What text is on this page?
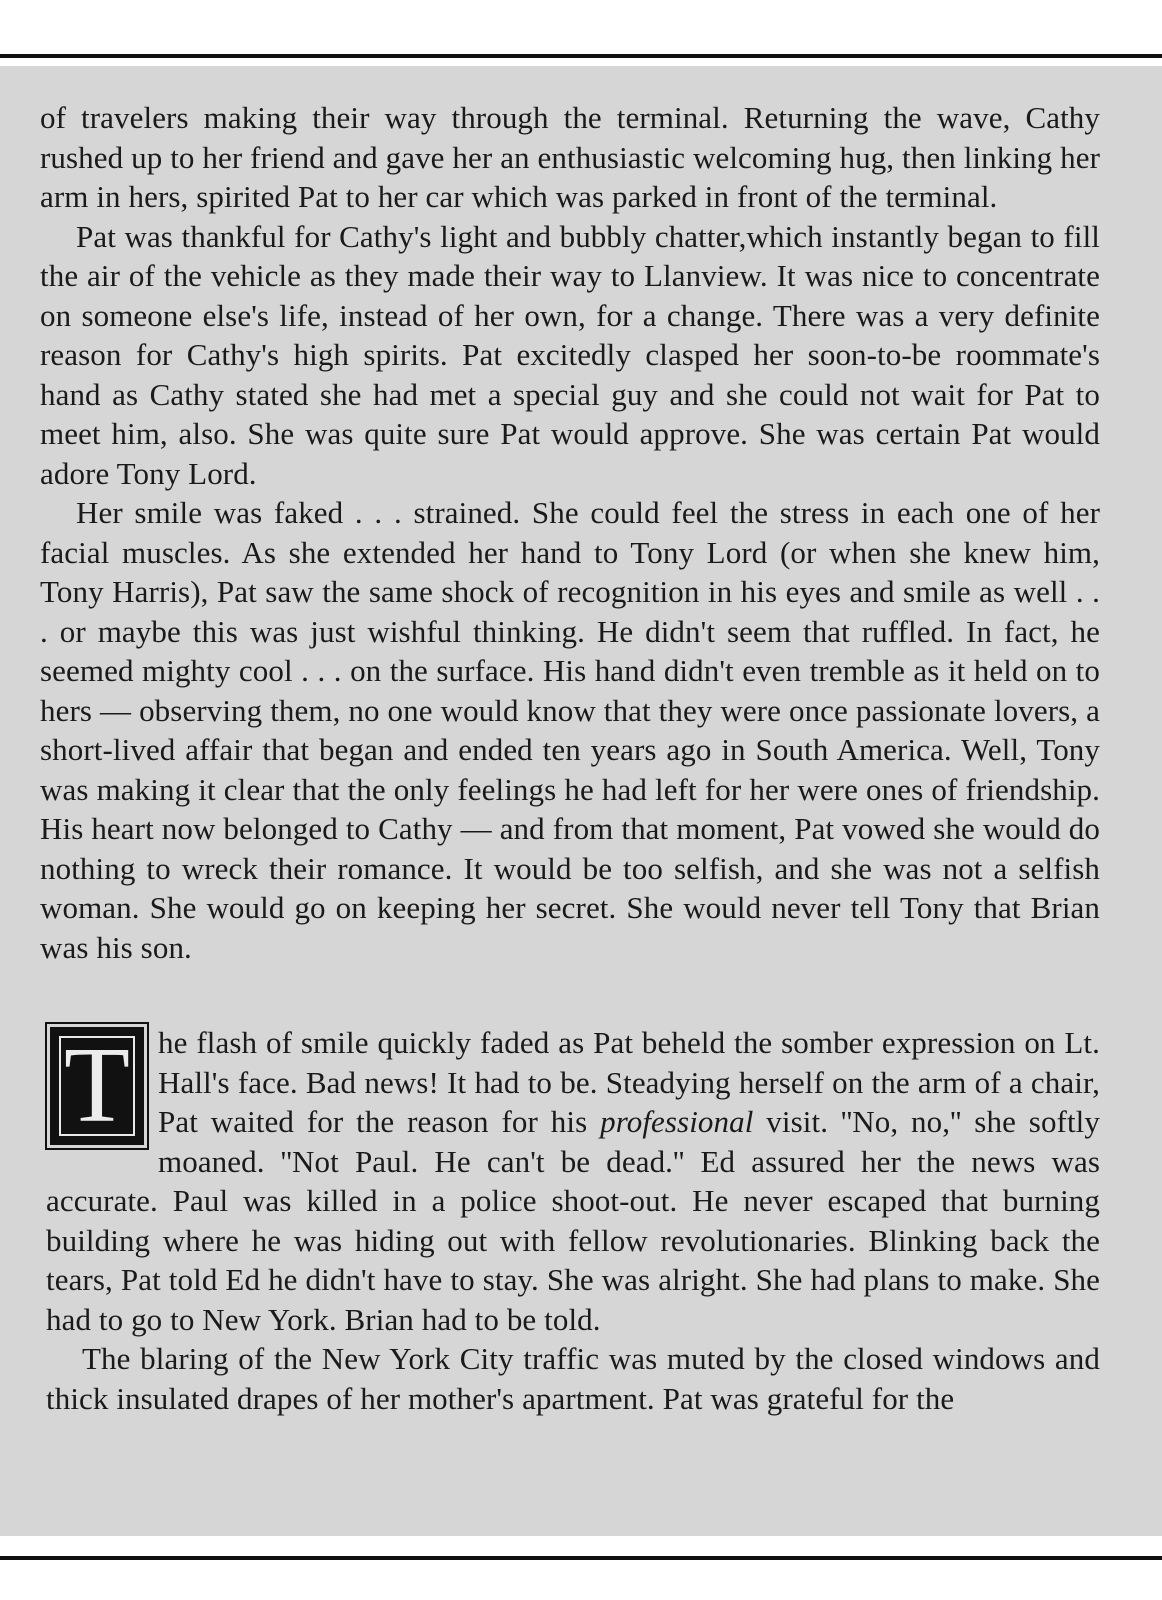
of travelers making their way through the terminal. Returning the wave, Cathy rushed up to her friend and gave her an enthusiastic welcoming hug, then linking her arm in hers, spirited Pat to her car which was parked in front of the terminal.

Pat was thankful for Cathy's light and bubbly chatter,which instantly began to fill the air of the vehicle as they made their way to Llanview. It was nice to concentrate on someone else's life, instead of her own, for a change. There was a very definite reason for Cathy's high spirits. Pat excitedly clasped her soon-to-be roommate's hand as Cathy stated she had met a special guy and she could not wait for Pat to meet him, also. She was quite sure Pat would approve. She was certain Pat would adore Tony Lord.

Her smile was faked . . . strained. She could feel the stress in each one of her facial muscles. As she extended her hand to Tony Lord (or when she knew him, Tony Harris), Pat saw the same shock of recognition in his eyes and smile as well . . . or maybe this was just wishful thinking. He didn't seem that ruffled. In fact, he seemed mighty cool . . . on the surface. His hand didn't even tremble as it held on to hers — observing them, no one would know that they were once passionate lovers, a short-lived affair that began and ended ten years ago in South America. Well, Tony was making it clear that the only feelings he had left for her were ones of friendship. His heart now belonged to Cathy — and from that moment, Pat vowed she would do nothing to wreck their romance. It would be too selfish, and she was not a selfish woman. She would go on keeping her secret. She would never tell Tony that Brian was his son.

T he flash of smile quickly faded as Pat beheld the somber expression on Lt. Hall's face. Bad news! It had to be. Steadying herself on the arm of a chair, Pat waited for the reason for his professional visit. ''No, no,'' she softly moaned. ''Not Paul. He can't be dead.'' Ed assured her the news was accurate. Paul was killed in a police shoot-out. He never escaped that burning building where he was hiding out with fellow revolutionaries. Blinking back the tears, Pat told Ed he didn't have to stay. She was alright. She had plans to make. She had to go to New York. Brian had to be told.

The blaring of the New York City traffic was muted by the closed windows and thick insulated drapes of her mother's apartment. Pat was grateful for the
